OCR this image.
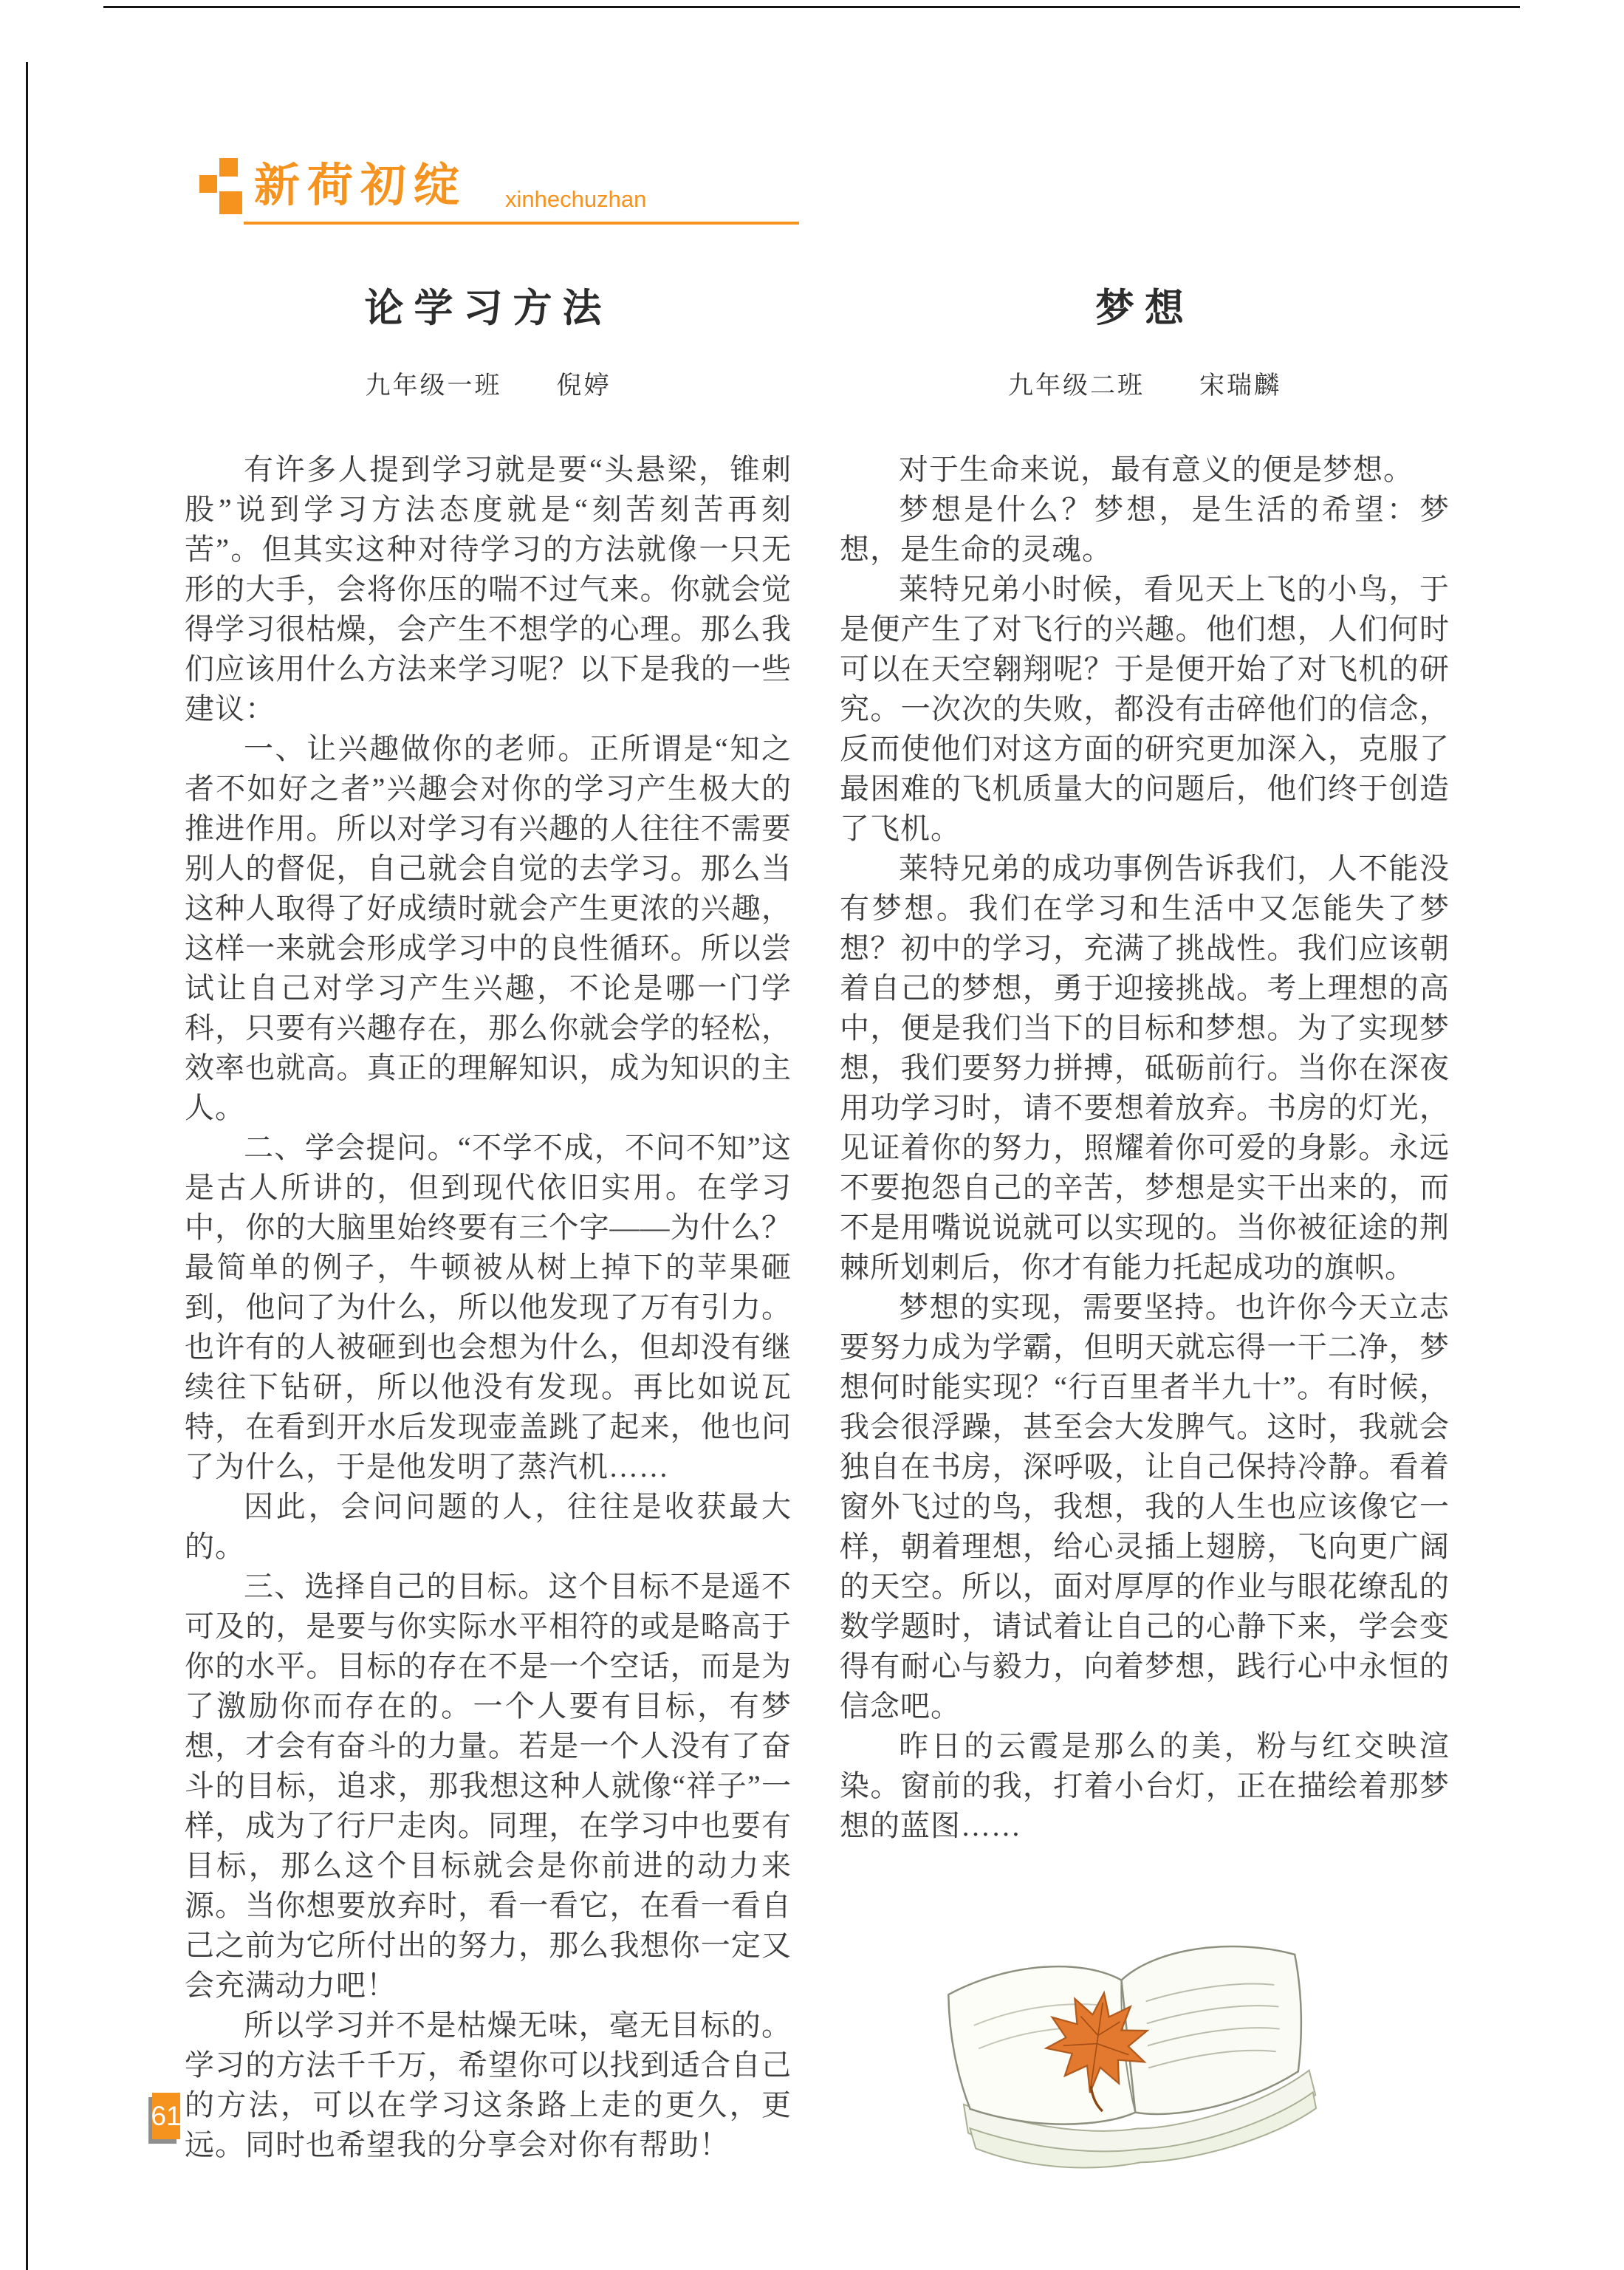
新荷初绽 xinhechuzhan
论学习方法
九年级一班　　倪婷

有许多人提到学习就是要“头悬梁，锥刺股”说到学习方法态度就是“刻苦刻苦再刻苦”。但其实这种对待学习的方法就像一只无形的大手，会将你压的喘不过气来。你就会觉得学习很枯燥，会产生不想学的心理。那么我们应该用什么方法来学习呢？以下是我的一些建议：

一、让兴趣做你的老师。正所谓是“知之者不如好之者”兴趣会对你的学习产生极大的推进作用。所以对学习有兴趣的人往往不需要别人的督促，自己就会自觉的去学习。那么当这种人取得了好成绩时就会产生更浓的兴趣，这样一来就会形成学习中的良性循环。所以尝试让自己对学习产生兴趣，不论是哪一门学科，只要有兴趣存在，那么你就会学的轻松，效率也就高。真正的理解知识，成为知识的主人。

二、学会提问。“不学不成，不问不知”这是古人所讲的，但到现代依旧实用。在学习中，你的大脑里始终要有三个字——为什么？最简单的例子，牛顿被从树上掉下的苹果砸到，他问了为什么，所以他发现了万有引力。也许有的人被砸到也会想为什么，但却没有继续往下钻研，所以他没有发现。再比如说瓦特，在看到开水后发现壶盖跳了起来，他也问了为什么，于是他发明了蒸汽机……

因此，会问问题的人，往往是收获最大的。

三、选择自己的目标。这个目标不是遥不可及的，是要与你实际水平相符的或是略高于你的水平。目标的存在不是一个空话，而是为了激励你而存在的。一个人要有目标，有梦想，才会有奋斗的力量。若是一个人没有了奋斗的目标，追求，那我想这种人就像“祥子”一样，成为了行尸走肉。同理，在学习中也要有目标，那么这个目标就会是你前进的动力来源。当你想要放弃时，看一看它，在看一看自己之前为它所付出的努力，那么我想你一定又会充满动力吧！

所以学习并不是枯燥无味，毫无目标的。学习的方法千千万，希望你可以找到适合自己的方法，可以在学习这条路上走的更久，更远。同时也希望我的分享会对你有帮助！

梦想
九年级二班　　宋瑞麟

对于生命来说，最有意义的便是梦想。

梦想是什么？梦想，是生活的希望：梦想，是生命的灵魂。

莱特兄弟小时候，看见天上飞的小鸟，于是便产生了对飞行的兴趣。他们想，人们何时可以在天空翱翔呢？于是便开始了对飞机的研究。一次次的失败，都没有击碎他们的信念，反而使他们对这方面的研究更加深入，克服了最困难的飞机质量大的问题后，他们终于创造了飞机。

莱特兄弟的成功事例告诉我们，人不能没有梦想。我们在学习和生活中又怎能失了梦想？初中的学习，充满了挑战性。我们应该朝着自己的梦想，勇于迎接挑战。考上理想的高中，便是我们当下的目标和梦想。为了实现梦想，我们要努力拼搏，砥砺前行。当你在深夜用功学习时，请不要想着放弃。书房的灯光，见证着你的努力，照耀着你可爱的身影。永远不要抱怨自己的辛苦，梦想是实干出来的，而不是用嘴说说就可以实现的。当你被征途的荆棘所划刺后，你才有能力托起成功的旗帜。

梦想的实现，需要坚持。也许你今天立志要努力成为学霸，但明天就忘得一干二净，梦想何时能实现？“行百里者半九十”。有时候，我会很浮躁，甚至会大发脾气。这时，我就会独自在书房，深呼吸，让自己保持冷静。看着窗外飞过的鸟，我想，我的人生也应该像它一样，朝着理想，给心灵插上翅膀，飞向更广阔的天空。所以，面对厚厚的作业与眼花缭乱的数学题时，请试着让自己的心静下来，学会变得有耐心与毅力，向着梦想，践行心中永恒的信念吧。

昨日的云霞是那么的美，粉与红交映渲染。窗前的我，打着小台灯，正在描绘着那梦想的蓝图……

61
